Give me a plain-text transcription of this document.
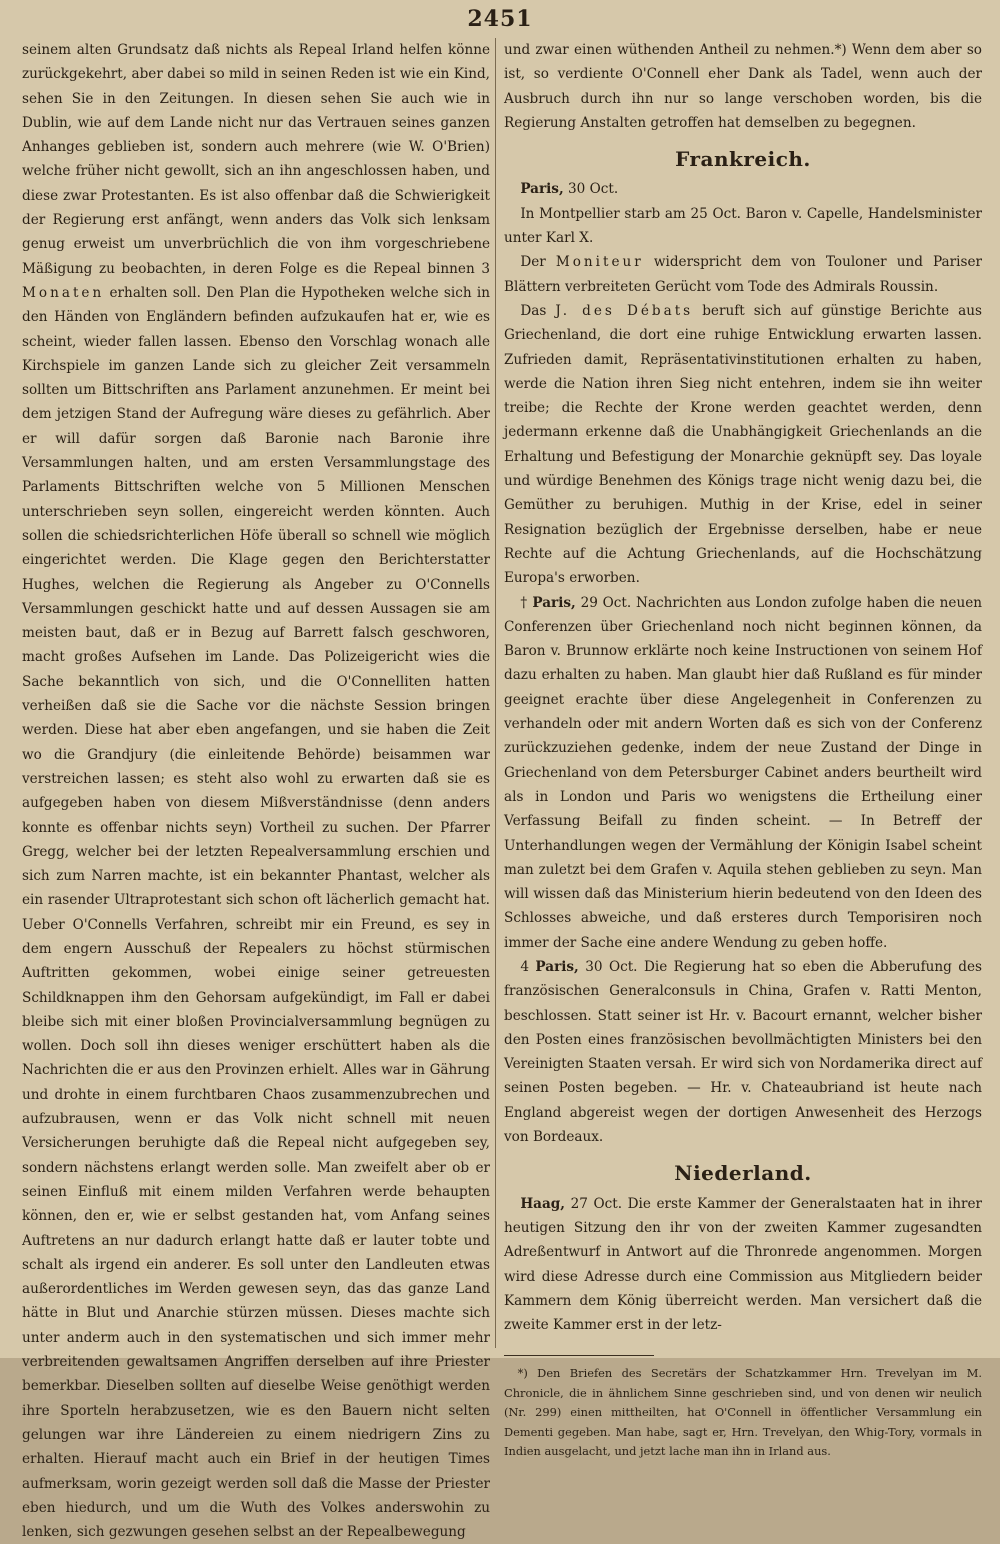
2451

seinem alten Grundsatz daß nichts als Repeal Irland helfen könne zurückgekehrt, aber dabei so mild in seinen Reden ist wie ein Kind, sehen Sie in den Zeitungen. In diesen sehen Sie auch wie in Dublin, wie auf dem Lande nicht nur das Vertrauen seines ganzen Anhanges geblieben ist, sondern auch mehrere (wie W. O'Brien) welche früher nicht gewollt, sich an ihn angeschlossen haben, und diese zwar Protestanten. Es ist also offenbar daß die Schwierigkeit der Regierung erst anfängt, wenn anders das Volk sich lenksam genug erweist um unverbrüchlich die von ihm vorgeschriebene Mäßigung zu beobachten, in deren Folge es die Repeal binnen 3 Monaten erhalten soll. Den Plan die Hypotheken welche sich in den Händen von Engländern befinden aufzukaufen hat er, wie es scheint, wieder fallen lassen. Ebenso den Vorschlag wonach alle Kirchspiele im ganzen Lande sich zu gleicher Zeit versammeln sollten um Bittschriften ans Parlament anzunehmen. Er meint bei dem jetzigen Stand der Aufregung wäre dieses zu gefährlich. Aber er will dafür sorgen daß Baronie nach Baronie ihre Versammlungen halten, und am ersten Versammlungstage des Parlaments Bittschriften welche von 5 Millionen Menschen unterschrieben seyn sollen, eingereicht werden könnten. Auch sollen die schiedsrichterlichen Höfe überall so schnell wie möglich eingerichtet werden. Die Klage gegen den Berichterstatter Hughes, welchen die Regierung als Angeber zu O'Connells Versammlungen geschickt hatte und auf dessen Aussagen sie am meisten baut, daß er in Bezug auf Barrett falsch geschworen, macht großes Aufsehen im Lande. Das Polizeigericht wies die Sache bekanntlich von sich, und die O'Connelliten hatten verheißen daß sie die Sache vor die nächste Session bringen werden. Diese hat aber eben angefangen, und sie haben die Zeit wo die Grandjury (die einleitende Behörde) beisammen war verstreichen lassen; es steht also wohl zu erwarten daß sie es aufgegeben haben von diesem Mißverständnisse (denn anders konnte es offenbar nichts seyn) Vortheil zu suchen. Der Pfarrer Gregg, welcher bei der letzten Repealversammlung erschien und sich zum Narren machte, ist ein bekannter Phantast, welcher als ein rasender Ultraprotestant sich schon oft lächerlich gemacht hat. Ueber O'Connells Verfahren, schreibt mir ein Freund, es sey in dem engern Ausschuß der Repealers zu höchst stürmischen Auftritten gekommen, wobei einige seiner getreuesten Schildknappen ihm den Gehorsam aufgekündigt, im Fall er dabei bleibe sich mit einer bloßen Provincialversammlung begnügen zu wollen. Doch soll ihn dieses weniger erschüttert haben als die Nachrichten die er aus den Provinzen erhielt. Alles war in Gährung und drohte in einem furchtbaren Chaos zusammenzubrechen und aufzubrausen, wenn er das Volk nicht schnell mit neuen Versicherungen beruhigte daß die Repeal nicht aufgegeben sey, sondern nächstens erlangt werden solle. Man zweifelt aber ob er seinen Einfluß mit einem milden Verfahren werde behaupten können, den er, wie er selbst gestanden hat, vom Anfang seines Auftretens an nur dadurch erlangt hatte daß er lauter tobte und schalt als irgend ein anderer. Es soll unter den Landleuten etwas außerordentliches im Werden gewesen seyn, das das ganze Land hätte in Blut und Anarchie stürzen müssen. Dieses machte sich unter anderm auch in den systematischen und sich immer mehr verbreitenden gewaltsamen Angriffen derselben auf ihre Priester bemerkbar. Dieselben sollten auf dieselbe Weise genöthigt werden ihre Sporteln herabzusetzen, wie es den Bauern nicht selten gelungen war ihre Ländereien zu einem niedrigern Zins zu erhalten. Hierauf macht auch ein Brief in der heutigen Times aufmerksam, worin gezeigt werden soll daß die Masse der Priester eben hiedurch, und um die Wuth des Volkes anderswohin zu lenken, sich gezwungen gesehen selbst an der Repealbewegung

und zwar einen wüthenden Antheil zu nehmen.*) Wenn dem aber so ist, so verdiente O'Connell eher Dank als Tadel, wenn auch der Ausbruch durch ihn nur so lange verschoben worden, bis die Regierung Anstalten getroffen hat demselben zu begegnen.

Frankreich.

Paris, 30 Oct.

In Montpellier starb am 25 Oct. Baron v. Capelle, Handelsminister unter Karl X.

Der Moniteur widerspricht dem von Touloner und Pariser Blättern verbreiteten Gerücht vom Tode des Admirals Roussin.

Das J. des Débats beruft sich auf günstige Berichte aus Griechenland, die dort eine ruhige Entwicklung erwarten lassen. Zufrieden damit, Repräsentativinstitutionen erhalten zu haben, werde die Nation ihren Sieg nicht entehren, indem sie ihn weiter treibe; die Rechte der Krone werden geachtet werden, denn jedermann erkenne daß die Unabhängigkeit Griechenlands an die Erhaltung und Befestigung der Monarchie geknüpft sey. Das loyale und würdige Benehmen des Königs trage nicht wenig dazu bei, die Gemüther zu beruhigen. Muthig in der Krise, edel in seiner Resignation bezüglich der Ergebnisse derselben, habe er neue Rechte auf die Achtung Griechenlands, auf die Hochschätzung Europa's erworben.

† Paris, 29 Oct. Nachrichten aus London zufolge haben die neuen Conferenzen über Griechenland noch nicht beginnen können, da Baron v. Brunnow erklärte noch keine Instructionen von seinem Hof dazu erhalten zu haben. Man glaubt hier daß Rußland es für minder geeignet erachte über diese Angelegenheit in Conferenzen zu verhandeln oder mit andern Worten daß es sich von der Conferenz zurückzuziehen gedenke, indem der neue Zustand der Dinge in Griechenland von dem Petersburger Cabinet anders beurtheilt wird als in London und Paris wo wenigstens die Ertheilung einer Verfassung Beifall zu finden scheint. — In Betreff der Unterhandlungen wegen der Vermählung der Königin Isabel scheint man zuletzt bei dem Grafen v. Aquila stehen geblieben zu seyn. Man will wissen daß das Ministerium hierin bedeutend von den Ideen des Schlosses abweiche, und daß ersteres durch Temporisiren noch immer der Sache eine andere Wendung zu geben hoffe.

4 Paris, 30 Oct. Die Regierung hat so eben die Abberufung des französischen Generalconsuls in China, Grafen v. Ratti Menton, beschlossen. Statt seiner ist Hr. v. Bacourt ernannt, welcher bisher den Posten eines französischen bevollmächtigten Ministers bei den Vereinigten Staaten versah. Er wird sich von Nordamerika direct auf seinen Posten begeben. — Hr. v. Chateaubriand ist heute nach England abgereist wegen der dortigen Anwesenheit des Herzogs von Bordeaux.

Niederland.

Haag, 27 Oct. Die erste Kammer der Generalstaaten hat in ihrer heutigen Sitzung den ihr von der zweiten Kammer zugesandten Adreßentwurf in Antwort auf die Thronrede angenommen. Morgen wird diese Adresse durch eine Commission aus Mitgliedern beider Kammern dem König überreicht werden. Man versichert daß die zweite Kammer erst in der letz-

*) Den Briefen des Secretärs der Schatzkammer Hrn. Trevelyan im M. Chronicle, die in ähnlichem Sinne geschrieben sind, und von denen wir neulich (Nr. 299) einen mittheilten, hat O'Connell in öffentlicher Versammlung ein Dementi gegeben. Man habe, sagt er, Hrn. Trevelyan, den Whig-Tory, vormals in Indien ausgelacht, und jetzt lache man ihn in Irland aus.
